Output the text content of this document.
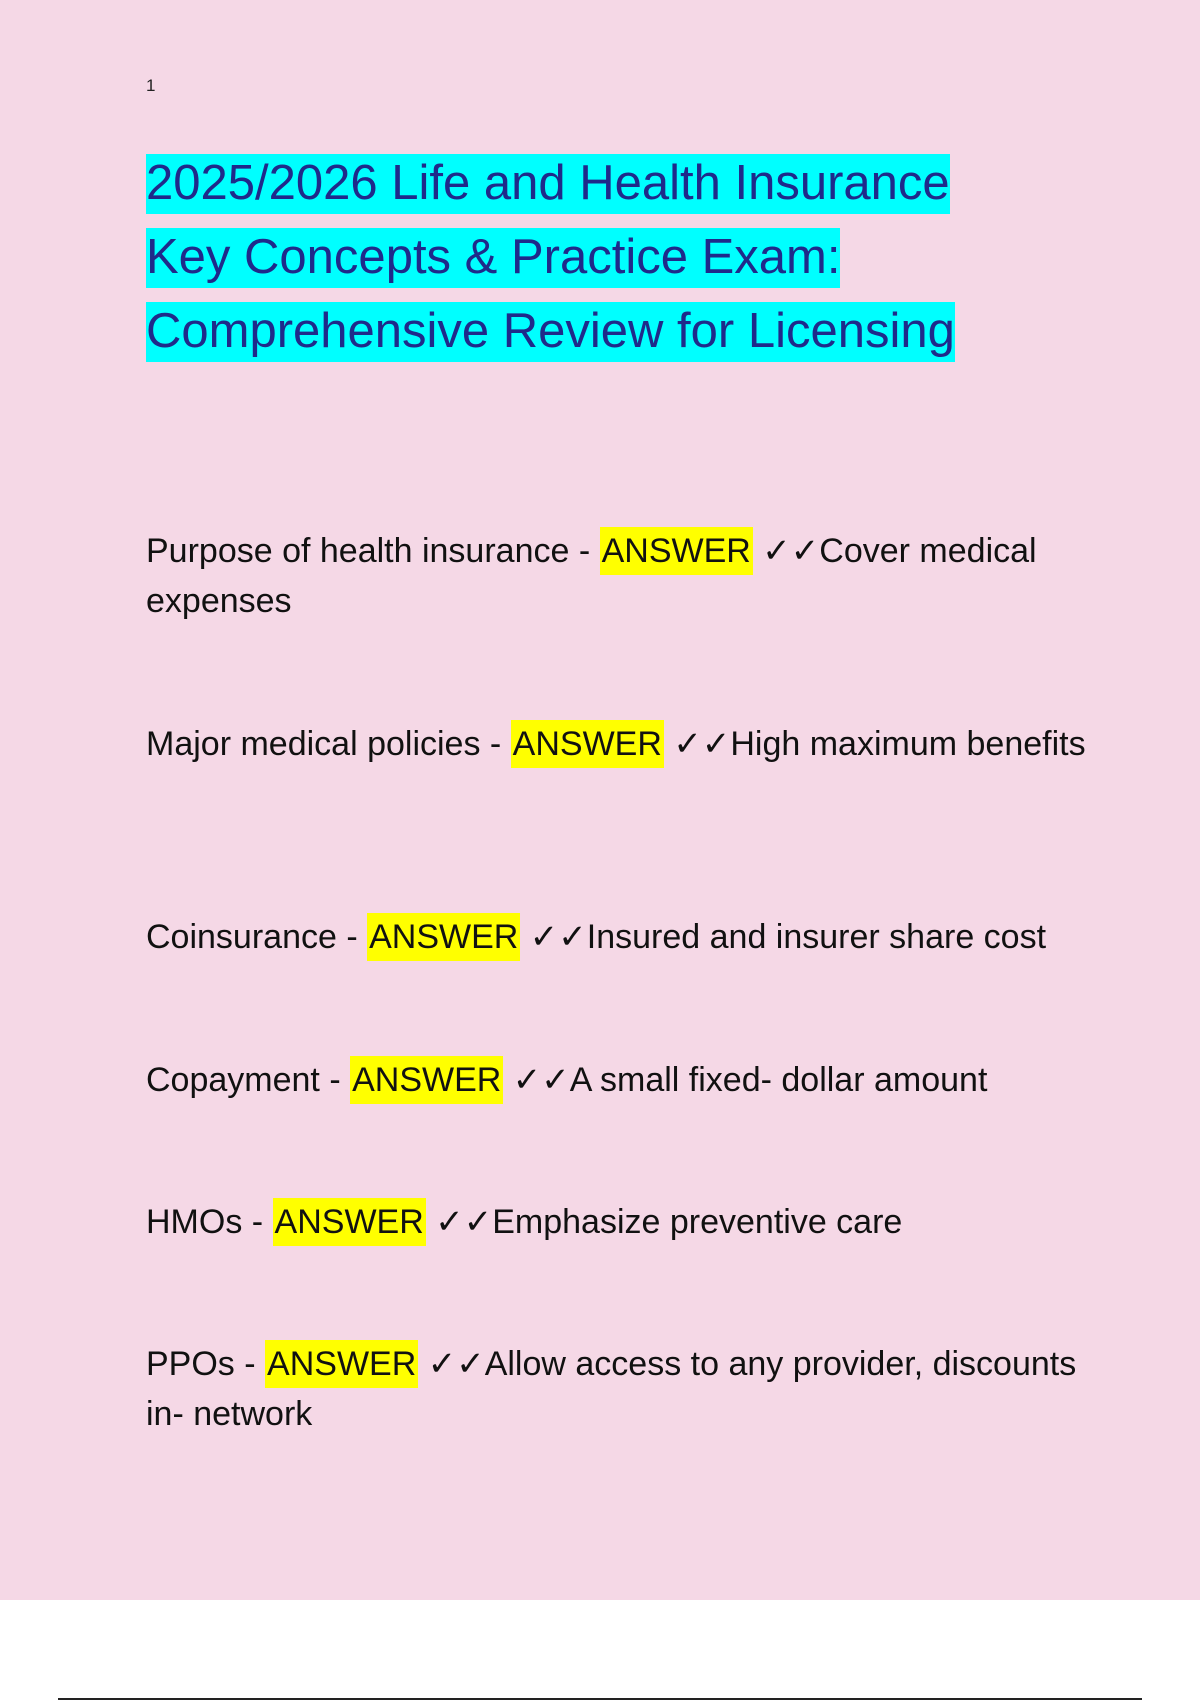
1
2025/2026 Life and Health Insurance
Key Concepts & Practice Exam:
Comprehensive Review for Licensing

Purpose of health insurance - ANSWER ✓✓Cover medical expenses

Major medical policies - ANSWER ✓✓High maximum benefits

Coinsurance - ANSWER ✓✓Insured and insurer share cost

Copayment - ANSWER ✓✓A small fixed- dollar amount

HMOs - ANSWER ✓✓Emphasize preventive care

PPOs - ANSWER ✓✓Allow access to any provider, discounts in- network
